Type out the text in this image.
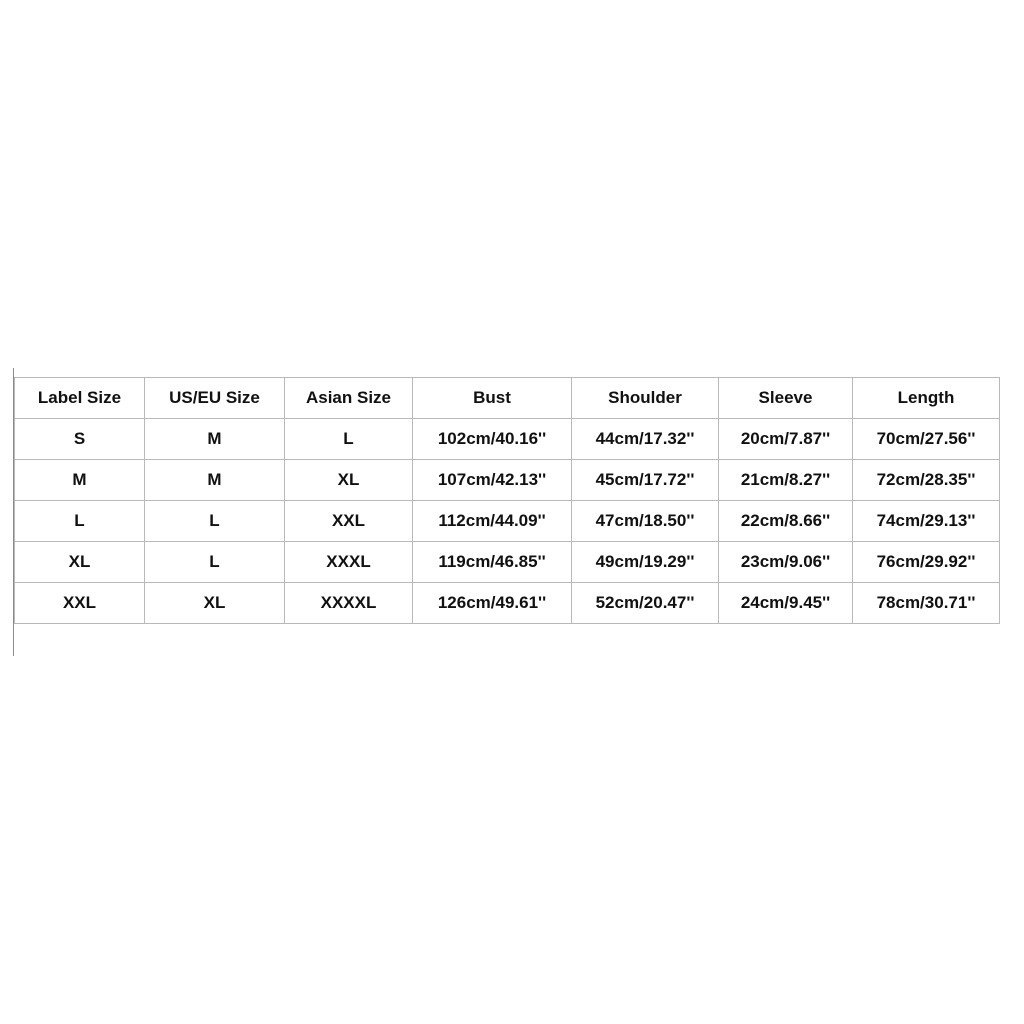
Label Size	US/EU Size	Asian Size	Bust	Shoulder	Sleeve	Length
S	M	L	102cm/40.16''	44cm/17.32''	20cm/7.87''	70cm/27.56''
M	M	XL	107cm/42.13''	45cm/17.72''	21cm/8.27''	72cm/28.35''
L	L	XXL	112cm/44.09''	47cm/18.50''	22cm/8.66''	74cm/29.13''
XL	L	XXXL	119cm/46.85''	49cm/19.29''	23cm/9.06''	76cm/29.92''
XXL	XL	XXXXL	126cm/49.61''	52cm/20.47''	24cm/9.45''	78cm/30.71''
